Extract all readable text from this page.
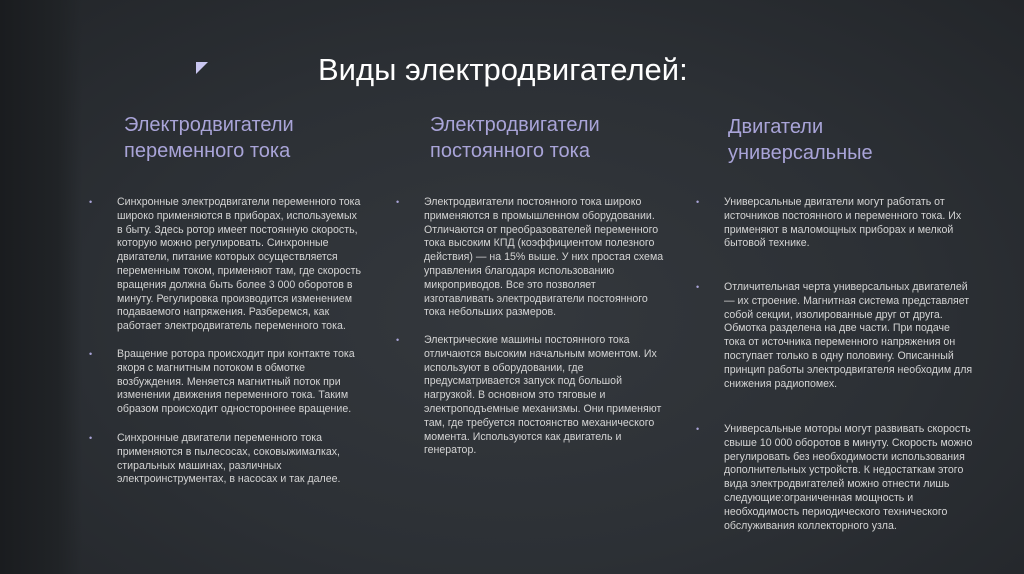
Виды электродвигателей:
Электродвигатели
переменного тока
• Синхронные электродвигатели переменного тока
широко применяются в приборах, используемых
в быту. Здесь ротор имеет постоянную скорость,
которую можно регулировать. Синхронные
двигатели, питание которых осуществляется
переменным током, применяют там, где скорость
вращения должна быть более 3 000 оборотов в
минуту. Регулировка производится изменением
подаваемого напряжения. Разберемся, как
работает электродвигатель переменного тока.
• Вращение ротора происходит при контакте тока
якоря с магнитным потоком в обмотке
возбуждения. Меняется магнитный поток при
изменении движения переменного тока. Таким
образом происходит одностороннее вращение.
• Синхронные двигатели переменного тока
применяются в пылесосах, соковыжималках,
стиральных машинах, различных
электроинструментах, в насосах и так далее.
Электродвигатели
постоянного тока
• Электродвигатели постоянного тока широко
применяются в промышленном оборудовании.
Отличаются от преобразователей переменного
тока высоким КПД (коэффициентом полезного
действия) — на 15% выше. У них простая схема
управления благодаря использованию
микроприводов. Все это позволяет
изготавливать электродвигатели постоянного
тока небольших размеров.
• Электрические машины постоянного тока
отличаются высоким начальным моментом. Их
используют в оборудовании, где
предусматривается запуск под большой
нагрузкой. В основном это тяговые и
электроподъемные механизмы. Они применяют
там, где требуется постоянство механического
момента. Используются как двигатель и
генератор.
Двигатели
универсальные
• Универсальные двигатели могут работать от
источников постоянного и переменного тока. Их
применяют в маломощных приборах и мелкой
бытовой технике.
• Отличительная черта универсальных двигателей
— их строение. Магнитная система представляет
собой секции, изолированные друг от друга.
Обмотка разделена на две части. При подаче
тока от источника переменного напряжения он
поступает только в одну половину. Описанный
принцип работы электродвигателя необходим для
снижения радиопомех.
• Универсальные моторы могут развивать скорость
свыше 10 000 оборотов в минуту. Скорость можно
регулировать без необходимости использования
дополнительных устройств. К недостаткам этого
вида электродвигателей можно отнести лишь
следующие:ограниченная мощность и
необходимость периодического технического
обслуживания коллекторного узла.
